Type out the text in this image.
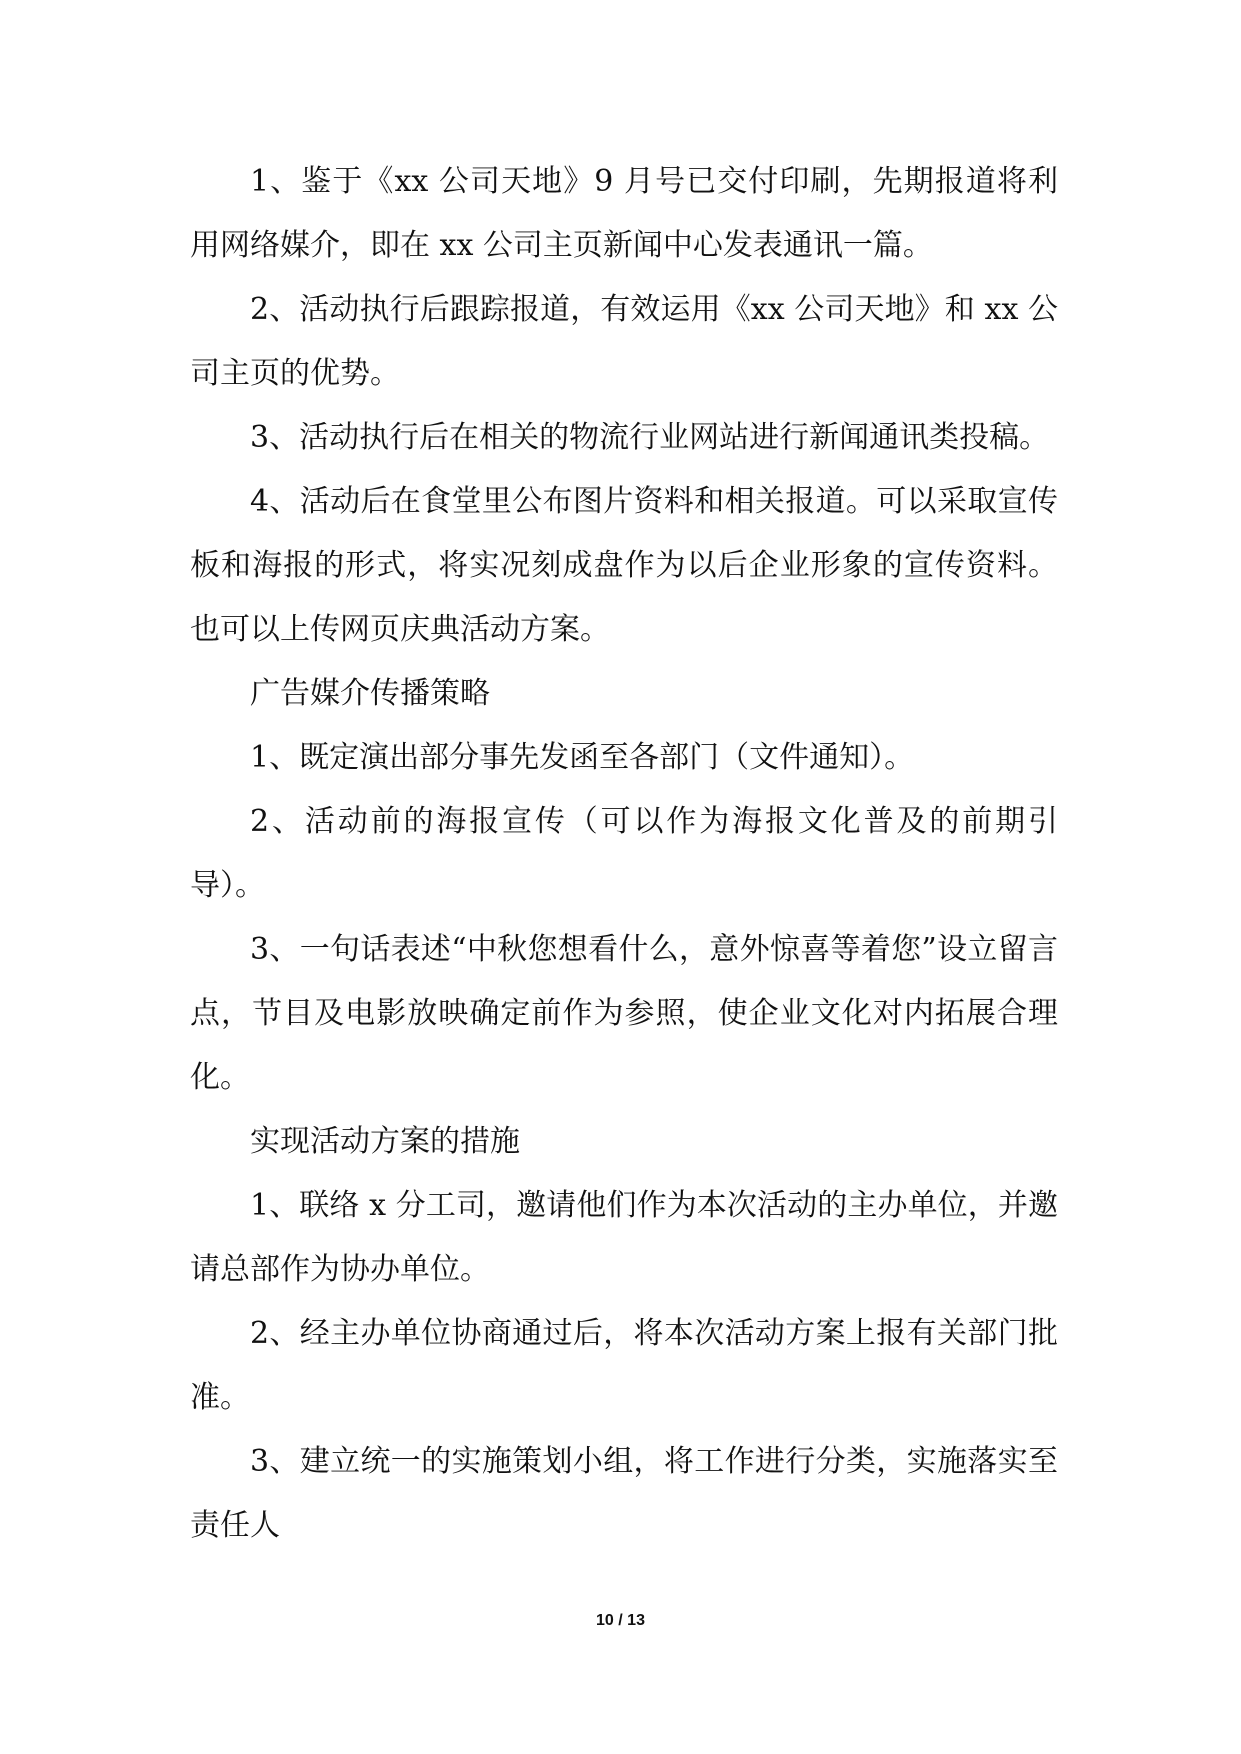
1、鉴于《xx 公司天地》9 月号已交付印刷，先期报道将利用网络媒介，即在 xx 公司主页新闻中心发表通讯一篇。

2、活动执行后跟踪报道，有效运用《xx 公司天地》和 xx 公司主页的优势。

3、活动执行后在相关的物流行业网站进行新闻通讯类投稿。

4、活动后在食堂里公布图片资料和相关报道。可以采取宣传板和海报的形式，将实况刻成盘作为以后企业形象的宣传资料。也可以上传网页庆典活动方案。

广告媒介传播策略

1、既定演出部分事先发函至各部门（文件通知）。

2、活动前的海报宣传（可以作为海报文化普及的前期引导）。

3、一句话表述“中秋您想看什么，意外惊喜等着您”设立留言点，节目及电影放映确定前作为参照，使企业文化对内拓展合理化。

实现活动方案的措施

1、联络 x 分工司，邀请他们作为本次活动的主办单位，并邀请总部作为协办单位。

2、经主办单位协商通过后，将本次活动方案上报有关部门批准。

3、建立统一的实施策划小组，将工作进行分类，实施落实至责任人

10 / 13
